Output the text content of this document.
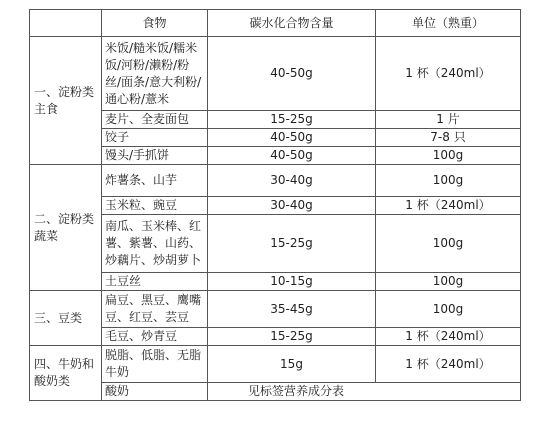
	食物	碳水化合物含量	单位（熟重）
一、淀粉类主食	米饭/糙米饭/糯米饭/河粉/濑粉/粉丝/面条/意大利粉/通心粉/薏米	40-50g	1 杯（240ml）
	麦片、全麦面包	15-25g	1 片
	饺子	40-50g	7-8 只
	馒头/手抓饼	40-50g	100g
二、淀粉类蔬菜	炸薯条、山芋	30-40g	100g
	玉米粒、豌豆	30-40g	1 杯（240ml）
	南瓜、玉米棒、红薯、紫薯、山药、炒藕片、炒胡萝卜	15-25g	100g
	土豆丝	10-15g	100g
三、豆类	扁豆、黑豆、鹰嘴豆、红豆、芸豆	35-45g	100g
	毛豆、炒青豆	15-25g	1 杯（240ml）
四、牛奶和酸奶类	脱脂、低脂、无脂牛奶	15g	1 杯（240ml）
	酸奶	见标签营养成分表	
